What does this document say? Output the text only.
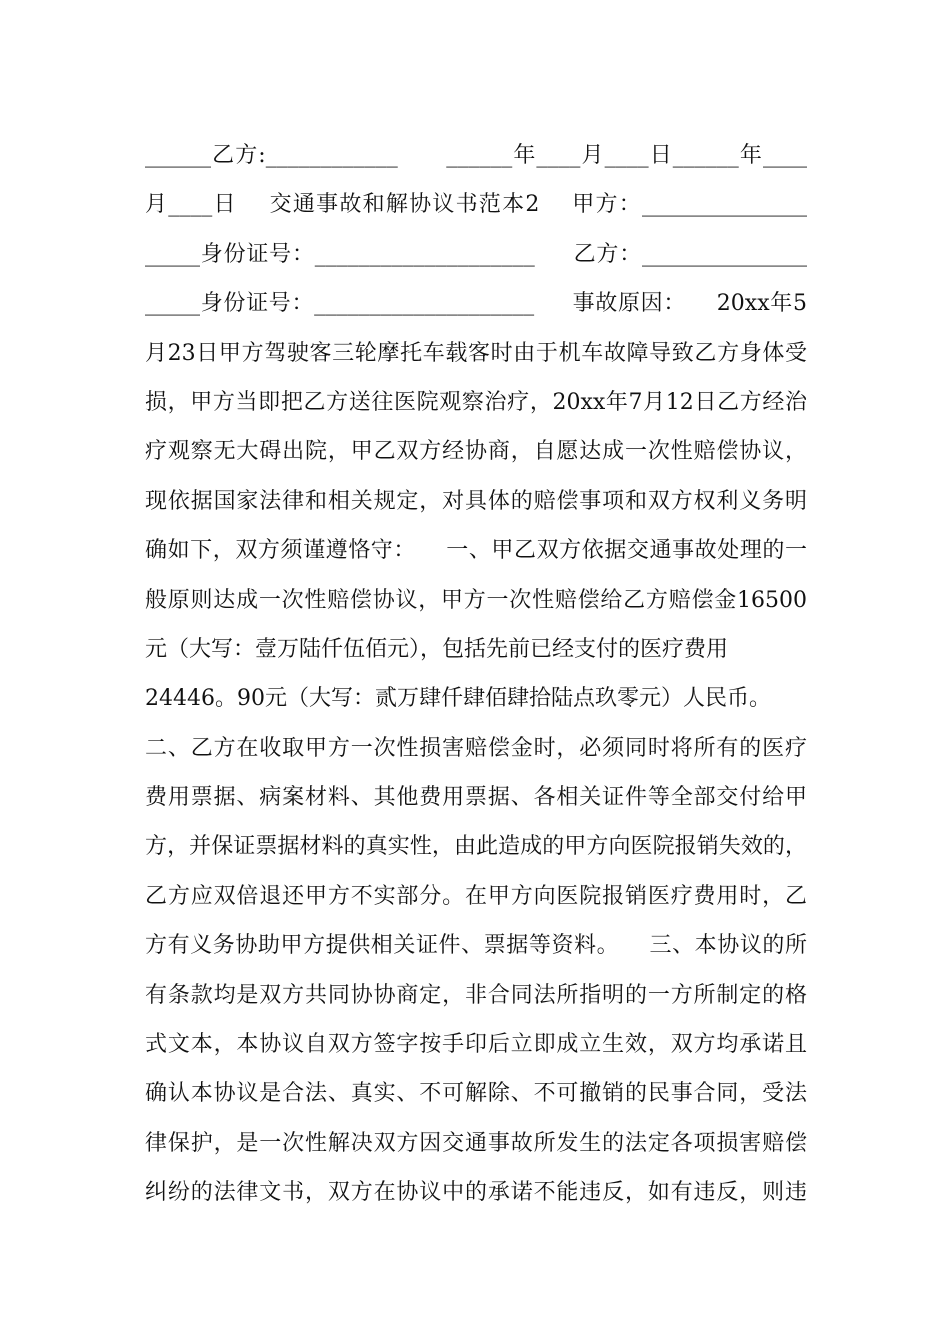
______乙方:____________      ______年____月____日______年____
月____日    交通事故和解协议书范本2    甲方：_______________
_____身份证号：____________________     乙方：_______________
_____身份证号：____________________     事故原因：    20xx年5
月23日甲方驾驶客三轮摩托车载客时由于机车故障导致乙方身体受
损，甲方当即把乙方送往医院观察治疗，20xx年7月12日乙方经治
疗观察无大碍出院，甲乙双方经协商，自愿达成一次性赔偿协议，
现依据国家法律和相关规定，对具体的赔偿事项和双方权利义务明
确如下，双方须谨遵恪守：    一、甲乙双方依据交通事故处理的一
般原则达成一次性赔偿协议，甲方一次性赔偿给乙方赔偿金16500
元（大写：壹万陆仟伍佰元），包括先前已经支付的医疗费用
24446。90元（大写：贰万肆仟肆佰肆拾陆点玖零元）人民币。
二、乙方在收取甲方一次性损害赔偿金时，必须同时将所有的医疗
费用票据、病案材料、其他费用票据、各相关证件等全部交付给甲
方，并保证票据材料的真实性，由此造成的甲方向医院报销失效的，
乙方应双倍退还甲方不实部分。在甲方向医院报销医疗费用时，乙
方有义务协助甲方提供相关证件、票据等资料。    三、本协议的所
有条款均是双方共同协协商定，非合同法所指明的一方所制定的格
式文本，本协议自双方签字按手印后立即成立生效，双方均承诺且
确认本协议是合法、真实、不可解除、不可撤销的民事合同，受法
律保护，是一次性解决双方因交通事故所发生的法定各项损害赔偿
纠纷的法律文书，双方在协议中的承诺不能违反，如有违反，则违
